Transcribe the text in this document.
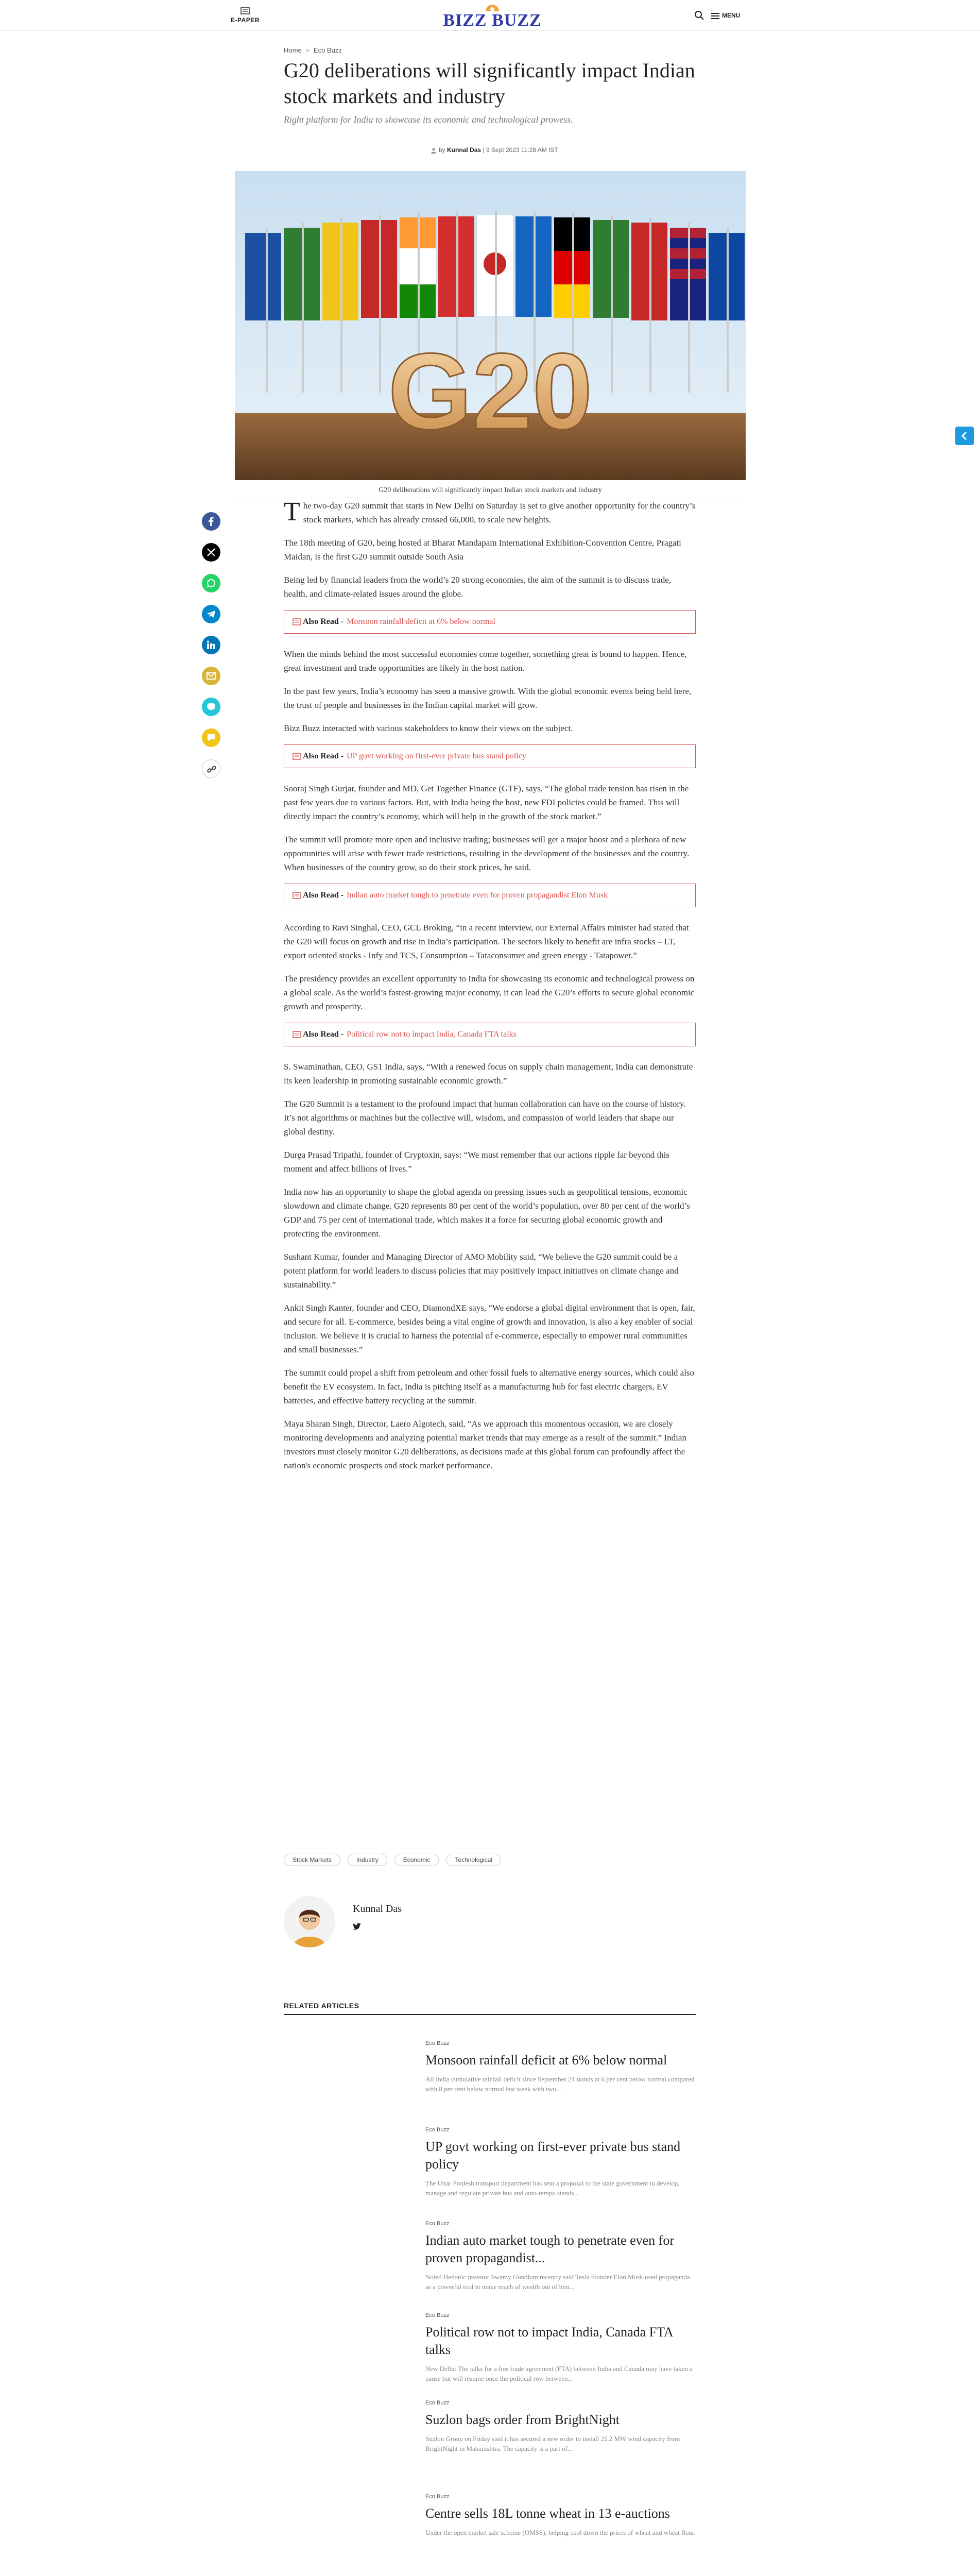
E-PAPER	BIZZ BUZZ	MENU
Home » Eco Buzz
G20 deliberations will significantly impact Indian stock markets and industry

Right platform for India to showcase its economic and technological prowess.

by Kunnal Das | 9 Sept 2023 11:28 AM IST
G20
G20 deliberations will significantly impact Indian stock markets and industry

The two-day G20 summit that starts in New Delhi on Saturday is set to give another opportunity for the country’s stock markets, which has already crossed 66,000, to scale new heights.

The 18th meeting of G20, being hosted at Bharat Mandapam International Exhibition-Convention Centre, Pragati Maidan, is the first G20 summit outside South Asia

Being led by financial leaders from the world’s 20 strong economies, the aim of the summit is to discuss trade, health, and climate-related issues around the globe.

Also Read - Monsoon rainfall deficit at 6% below normal

When the minds behind the most successful economies come together, something great is bound to happen. Hence, great investment and trade opportunities are likely in the host nation.

In the past few years, India’s economy has seen a massive growth. With the global economic events being held here, the trust of people and businesses in the Indian capital market will grow.

Bizz Buzz interacted with various stakeholders to know their views on the subject.

Also Read - UP govt working on first-ever private bus stand policy

Sooraj Singh Gurjar, founder and MD, Get Together Finance (GTF), says, “The global trade tension has risen in the past few years due to various factors. But, with India being the host, new FDI policies could be framed. This will directly impact the country’s economy, which will help in the growth of the stock market.”

The summit will promote more open and inclusive trading; businesses will get a major boost and a plethora of new opportunities will arise with fewer trade restrictions, resulting in the development of the businesses and the country. When businesses of the country grow, so do their stock prices, he said.

Also Read - Indian auto market tough to penetrate even for proven propagandist Elon Musk

According to Ravi Singhal, CEO, GCL Broking, “in a recent interview, our External Affairs minister had stated that the G20 will focus on growth and rise in India’s participation. The sectors likely to benefit are infra stocks – LT, export oriented stocks - Infy and TCS, Consumption – Tataconsumer and green energy - Tatapower.”

The presidency provides an excellent opportunity to India for showcasing its economic and technological prowess on a global scale. As the world’s fastest-growing major economy, it can lead the G20’s efforts to secure global economic growth and prosperity.

Also Read - Political row not to impact India, Canada FTA talks

S. Swaminathan, CEO, GS1 India, says, “With a renewed focus on supply chain management, India can demonstrate its keen leadership in promoting sustainable economic growth.”

The G20 Summit is a testament to the profound impact that human collaboration can have on the course of history. It’s not algorithms or machines but the collective will, wisdom, and compassion of world leaders that shape our global destiny.

Durga Prasad Tripathi, founder of Cryptoxin, says: “We must remember that our actions ripple far beyond this moment and affect billions of lives.”

India now has an opportunity to shape the global agenda on pressing issues such as geopolitical tensions, economic slowdown and climate change. G20 represents 80 per cent of the world’s population, over 80 per cent of the world’s GDP and 75 per cent of international trade, which makes it a force for securing global economic growth and protecting the environment.

Sushant Kumar, founder and Managing Director of AMO Mobility said, “We believe the G20 summit could be a potent platform for world leaders to discuss policies that may positively impact initiatives on climate change and sustainability.”

Ankit Singh Kanter, founder and CEO, DiamondXE says, “We endorse a global digital environment that is open, fair, and secure for all. E-commerce, besides being a vital engine of growth and innovation, is also a key enabler of social inclusion. We believe it is crucial to harness the potential of e-commerce, especially to empower rural communities and small businesses.”

The summit could propel a shift from petroleum and other fossil fuels to alternative energy sources, which could also benefit the EV ecosystem. In fact, India is pitching itself as a manufacturing hub for fast electric chargers, EV batteries, and effective battery recycling at the summit.

Maya Sharan Singh, Director, Laero Algotech, said, “As we approach this momentous occasion, we are closely monitoring developments and analyzing potential market trends that may emerge as a result of the summit.” Indian investors must closely monitor G20 deliberations, as decisions made at this global forum can profoundly affect the nation's economic prospects and stock market performance.

Stock Markets	Industry	Economic	Technological
Kunnal Das
RELATED ARTICLES
Eco Buzz
Monsoon rainfall deficit at 6% below normal
All India cumulative rainfall deficit since September 24 stands at 6 per cent below normal compared with 8 per cent below normal last week with two...
Eco Buzz
UP govt working on first-ever private bus stand policy
The Uttar Pradesh transport department has sent a proposal to the state government to develop, manage and regulate private bus and auto-tempo stands...
Eco Buzz
Indian auto market tough to penetrate even for proven propagandist...
Noted Hedonic investor Swamy Gundlum recently said Tesla founder Elon Musk used propaganda as a powerful tool to make much of wealth out of him...
Eco Buzz
Political row not to impact India, Canada FTA talks
New Delhi: The talks for a free trade agreement (FTA) between India and Canada may have taken a pause but will resume once the political row between...
Eco Buzz
Suzlon bags order from BrightNight
Suzlon Group on Friday said it has secured a new order to install 25.2 MW wind capacity from BrightNight in Maharashtra. The capacity is a part of...
Eco Buzz
Centre sells 18L tonne wheat in 13 e-auctions
Under the open market sale scheme (OMSS), helping cool down the prices of wheat and wheat flour.
